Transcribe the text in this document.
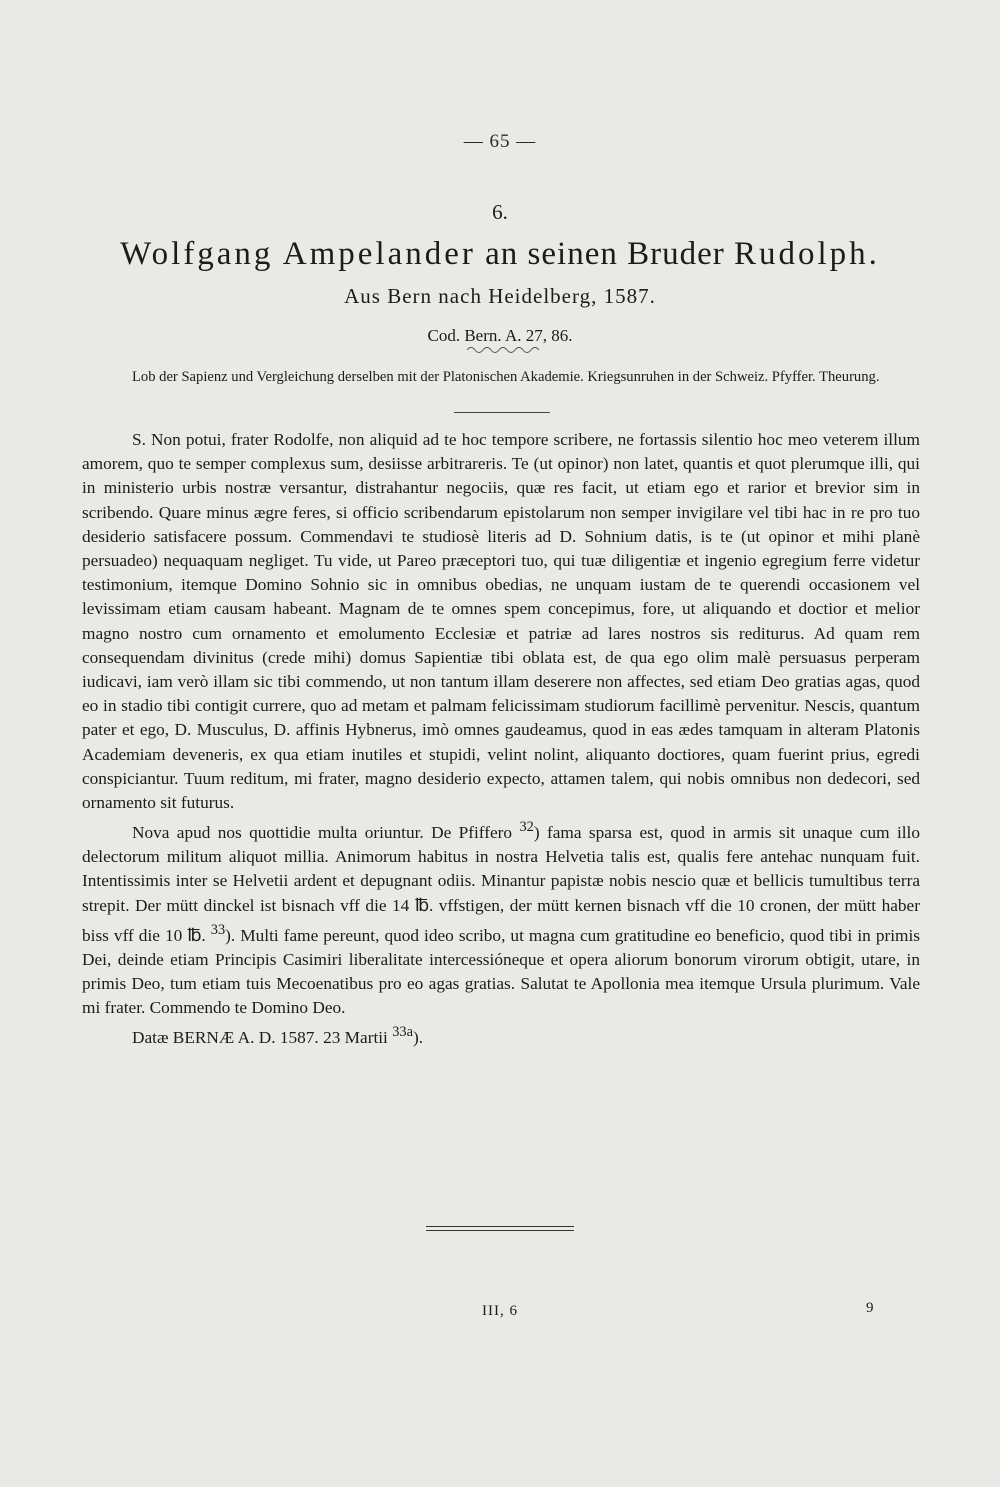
— 65 —
6.
Wolfgang Ampelander an seinen Bruder Rudolph.
Aus Bern nach Heidelberg, 1587.
Cod. Bern. A. 27, 86.
Lob der Sapienz und Vergleichung derselben mit der Platonischen Akademie. Kriegsunruhen in der Schweiz. Pfyffer. Theurung.

S. Non potui, frater Rodolfe, non aliquid ad te hoc tempore scribere, ne fortassis silentio hoc meo veterem illum amorem, quo te semper complexus sum, desiisse arbitrareris. Te (ut opinor) non latet, quantis et quot plerumque illi, qui in ministerio urbis nostræ versantur, distrahantur negociis, quæ res facit, ut etiam ego et rarior et brevior sim in scribendo. Quare minus ægre feres, si officio scribendarum epistolarum non semper invigilare vel tibi hac in re pro tuo desiderio satisfacere possum. Commendavi te studiosè literis ad D. Sohnium datis, is te (ut opinor et mihi planè persuadeo) nequaquam negliget. Tu vide, ut Pareo præceptori tuo, qui tuæ diligentiæ et ingenio egregium ferre videtur testimonium, itemque Domino Sohnio sic in omnibus obedias, ne unquam iustam de te querendi occasionem vel levissimam etiam causam habeant. Magnam de te omnes spem concepimus, fore, ut aliquando et doctior et melior magno nostro cum ornamento et emolumento Ecclesiæ et patriæ ad lares nostros sis rediturus. Ad quam rem consequendam divinitus (crede mihi) domus Sapientiæ tibi oblata est, de qua ego olim malè persuasus perperam iudicavi, iam verò illam sic tibi commendo, ut non tantum illam deserere non affectes, sed etiam Deo gratias agas, quod eo in stadio tibi contigit currere, quo ad metam et palmam felicissimam studiorum facillimè pervenitur. Nescis, quantum pater et ego, D. Musculus, D. affinis Hybnerus, imò omnes gaudeamus, quod in eas ædes tamquam in alteram Platonis Academiam deveneris, ex qua etiam inutiles et stupidi, velint nolint, aliquanto doctiores, quam fuerint prius, egredi conspiciantur. Tuum reditum, mi frater, magno desiderio expecto, attamen talem, qui nobis omnibus non dedecori, sed ornamento sit futurus.

Nova apud nos quottidie multa oriuntur. De Pfiffero $^{32}$) fama sparsa est, quod in armis sit unaque cum illo delectorum militum aliquot millia. Animorum habitus in nostra Helvetia talis est, qualis fere antehac nunquam fuit. Intentissimis inter se Helvetii ardent et depugnant odiis. Minantur papistæ nobis nescio quæ et bellicis tumultibus terra strepit. Der mütt dinckel ist bisnach vff die 14 ℔. vffstigen, der mütt kernen bisnach vff die 10 cronen, der mütt haber biss vff die 10 ℔. $^{33}$). Multi fame pereunt, quod ideo scribo, ut magna cum gratitudine eo beneficio, quod tibi in primis Dei, deinde etiam Principis Casimiri liberalitate intercessióneque et opera aliorum bonorum virorum obtigit, utare, in primis Deo, tum etiam tuis Mecoenatibus pro eo agas gratias. Salutat te Apollonia mea itemque Ursula plurimum. Vale mi frater. Commendo te Domino Deo.

Datæ BERNÆ A. D. 1587. 23 Martii $^{33a}$).

III, 6	9
